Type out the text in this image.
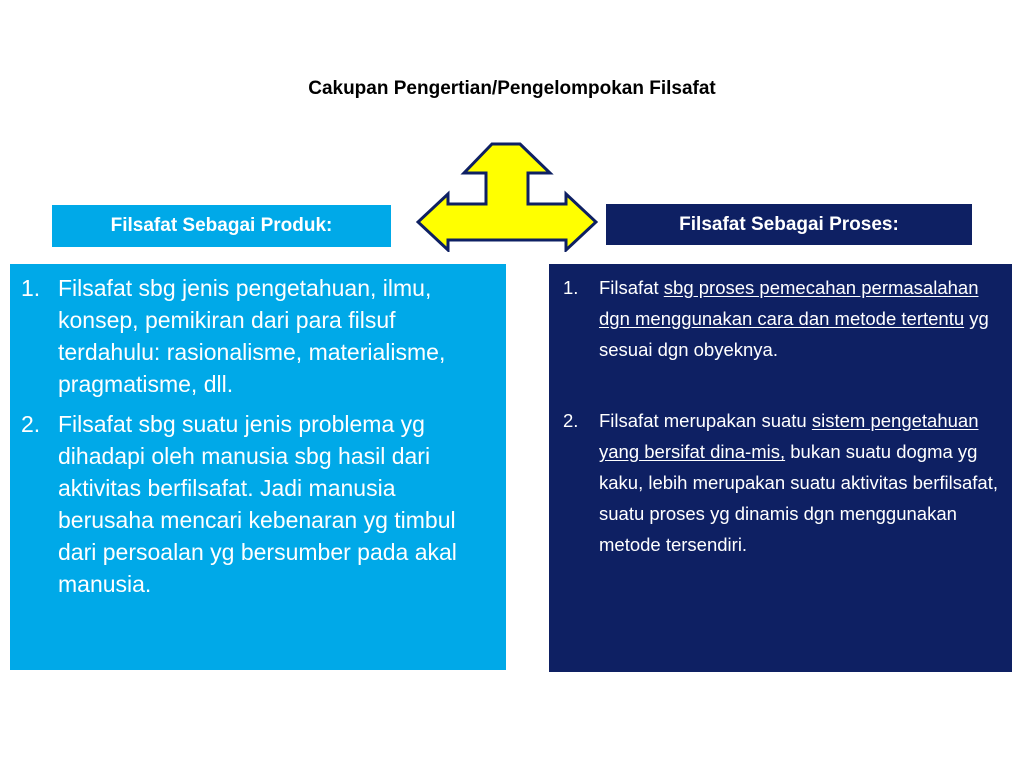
Cakupan Pengertian/Pengelompokan Filsafat
Filsafat Sebagai Produk:	Filsafat Sebagai Proses:
1. Filsafat sbg jenis pengetahuan, ilmu, konsep, pemikiran dari para filsuf terdahulu: rasionalisme, materialisme, pragmatisme, dll.
2. Filsafat sbg suatu jenis problema yg dihadapi oleh manusia sbg hasil dari aktivitas berfilsafat. Jadi manusia berusaha mencari kebenaran yg timbul dari persoalan yg bersumber pada akal manusia.
1.	Filsafat sbg proses pemecahan permasalahan dgn menggunakan cara dan metode tertentu yg sesuai dgn obyeknya.
2.	Filsafat merupakan suatu sistem pengetahuan yang bersifat dina-mis, bukan suatu dogma yg kaku, lebih merupakan suatu aktivitas berfilsafat, suatu proses yg dinamis dgn menggunakan metode tersendiri.
